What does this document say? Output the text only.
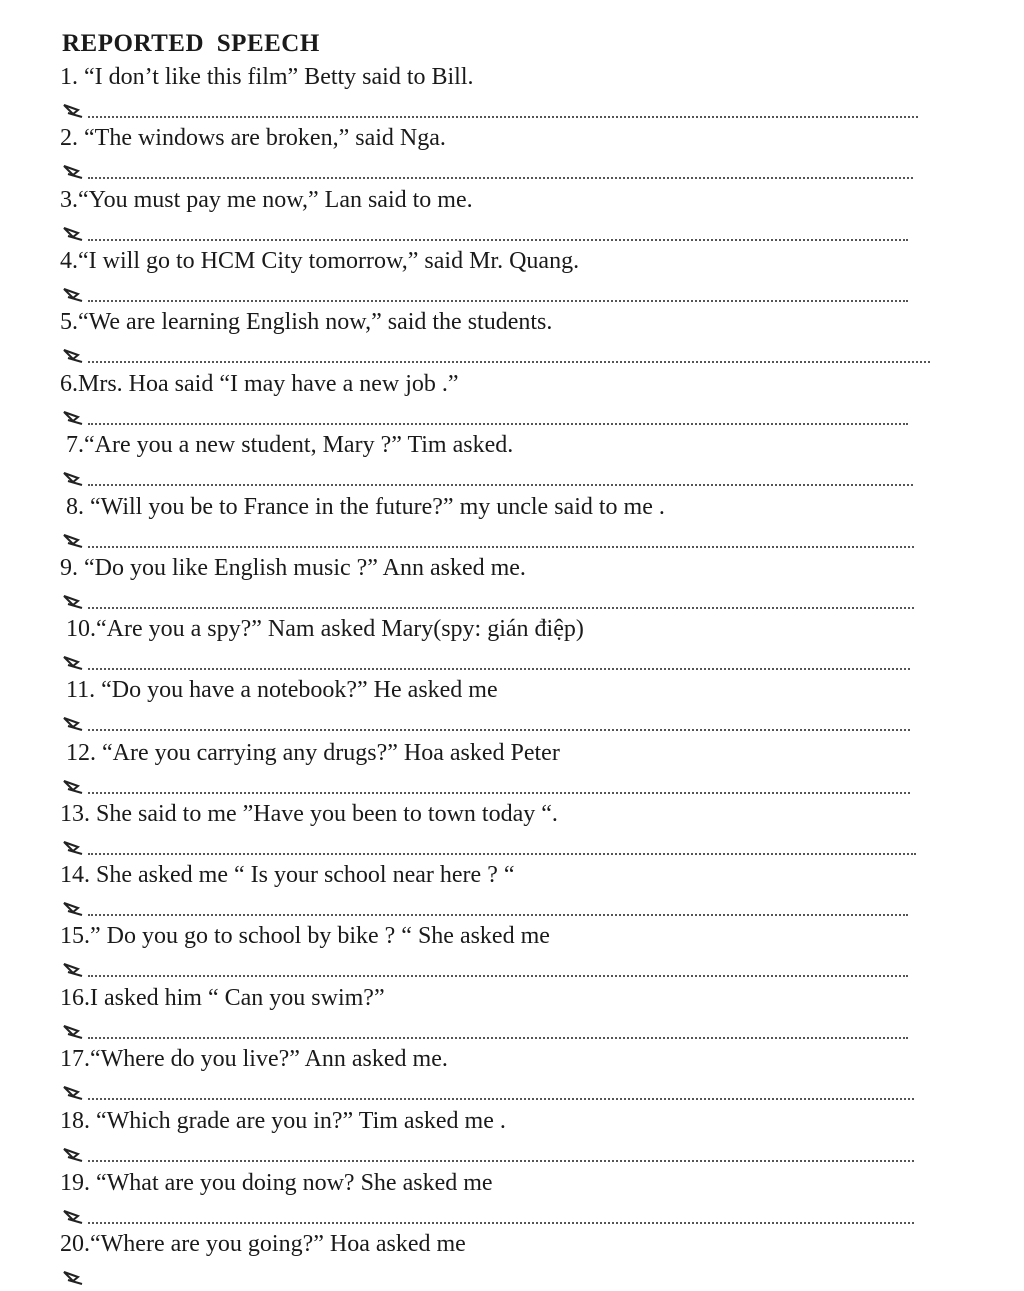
REPORTED SPEECH
1. “I don’t like this film” Betty said to Bill.
2. “The windows are broken,” said Nga.
3.“You must pay me now,” Lan said to me.
4.“I will go to HCM City tomorrow,” said Mr. Quang.
5.“We are learning English now,” said the students.
6.Mrs. Hoa said “I may have a new job .”
7.“Are you a new student, Mary ?” Tim asked.
8. “Will you be to France in the future?” my uncle said to me .
9. “Do you like English music ?” Ann asked me.
10.“Are you a spy?” Nam asked Mary(spy: gián điệp)
11. “Do you have a notebook?” He asked me
12. “Are you carrying any drugs?” Hoa asked Peter
13. She said to me ”Have you been to town today “.
14. She asked me “ Is your school near here ? “
15.” Do you go to school by bike ? “ She asked me
16.I asked him “ Can you swim?”
17.“Where do you live?” Ann asked me.
18. “Which grade are you in?” Tim asked me .
19. “What are you doing now? She asked me
20.“Where are you going?” Hoa asked me
